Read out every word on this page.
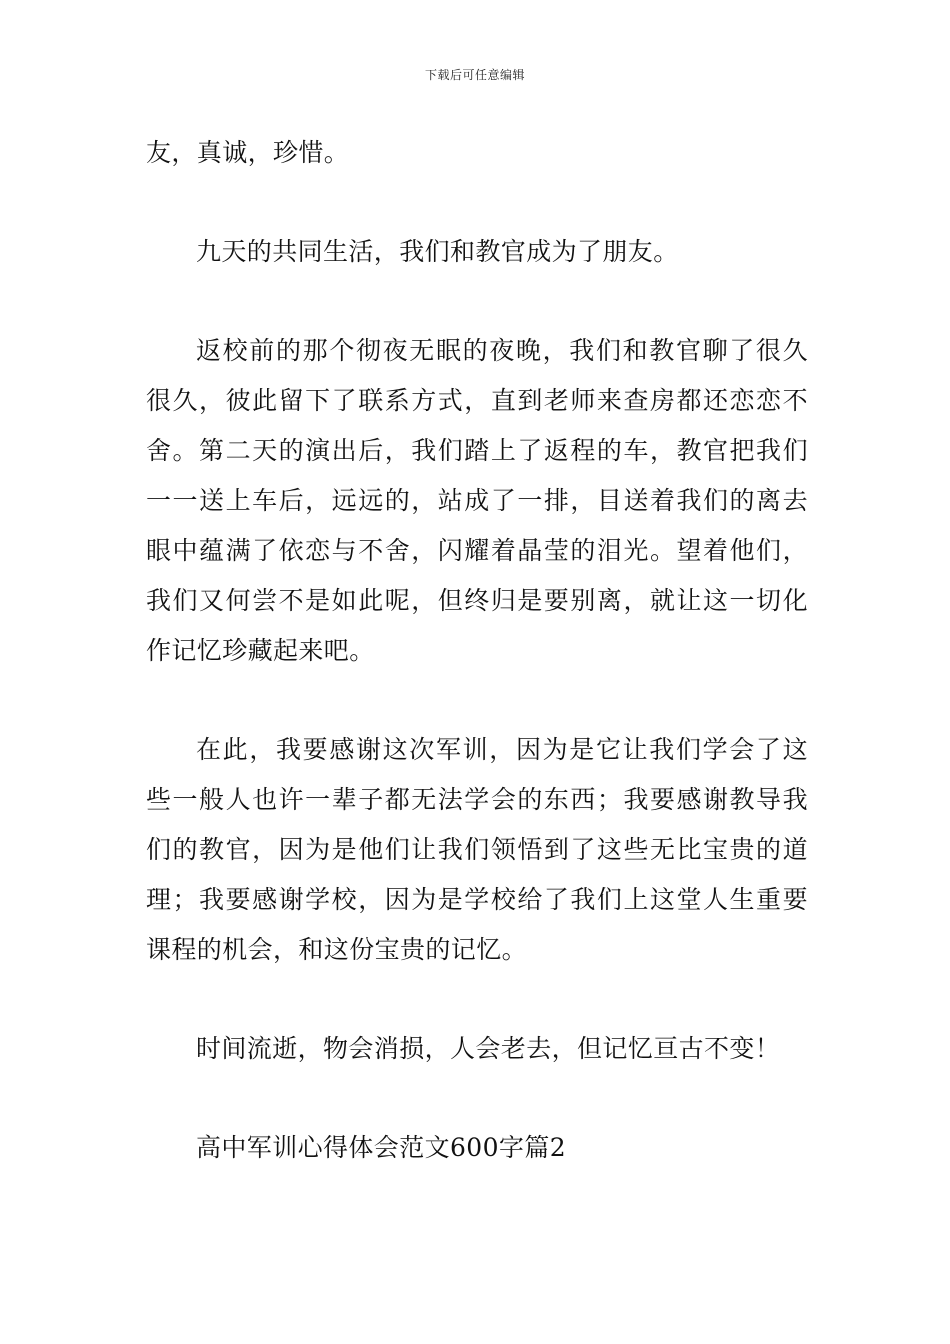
下载后可任意编辑
友，真诚，珍惜。
九天的共同生活，我们和教官成为了朋友。
返校前的那个彻夜无眠的夜晚，我们和教官聊了很久
很久，彼此留下了联系方式，直到老师来查房都还恋恋不
舍。第二天的演出后，我们踏上了返程的车，教官把我们
一一送上车后，远远的，站成了一排，目送着我们的离去
眼中蕴满了依恋与不舍，闪耀着晶莹的泪光。望着他们，
我们又何尝不是如此呢，但终归是要别离，就让这一切化
作记忆珍藏起来吧。
在此，我要感谢这次军训，因为是它让我们学会了这
些一般人也许一辈子都无法学会的东西；我要感谢教导我
们的教官，因为是他们让我们领悟到了这些无比宝贵的道
理；我要感谢学校，因为是学校给了我们上这堂人生重要
课程的机会，和这份宝贵的记忆。
时间流逝，物会消损，人会老去，但记忆亘古不变！
高中军训心得体会范文600字篇2
